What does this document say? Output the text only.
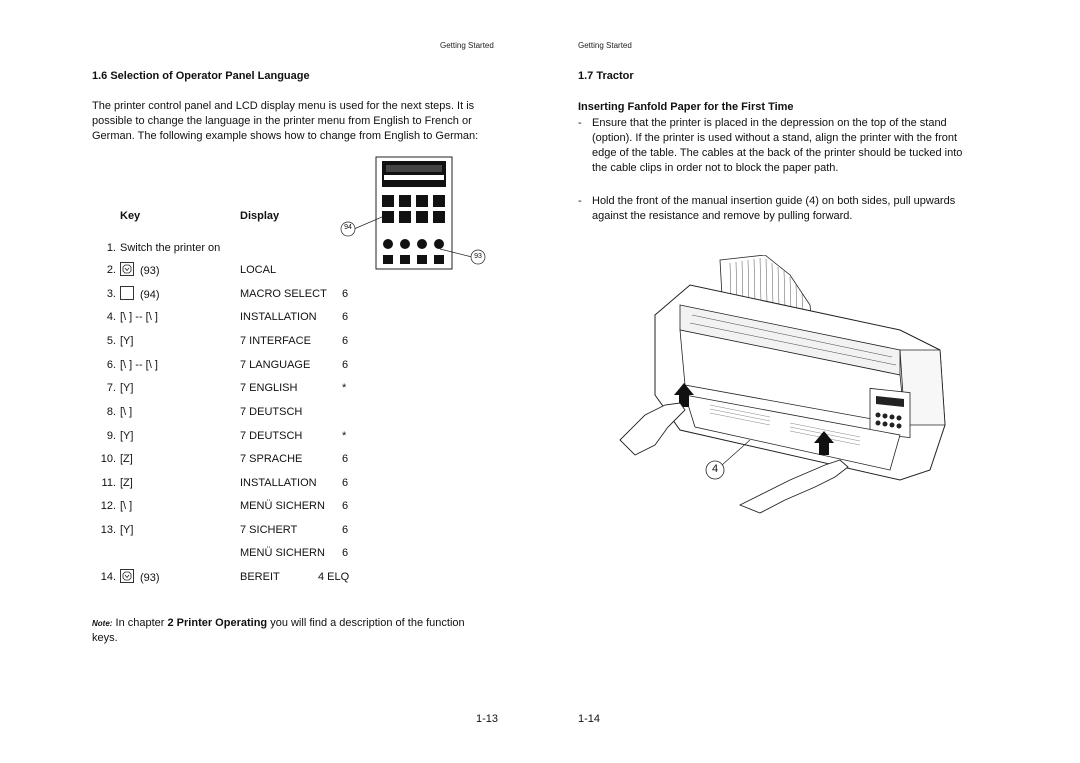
Getting Started	Getting Started
1.6 Selection of Operator Panel Language
The printer control panel and LCD display menu is used for the next steps. It is possible to change the language in the printer menu from English to French or German. The following example shows how to change from English to German:
94
93
Key	Display
1. Switch the printer on
2.	(93)	LOCAL
3.	(94)	MACRO SELECT 6
4. [\ ] -- [\ ]	INSTALLATION 6
5. [Y]	7 INTERFACE	6
6. [\ ] -- [\ ]	7 LANGUAGE	6
7. [Y]	7 ENGLISH	*
8. [\ ]	7 DEUTSCH
9. [Y]	7 DEUTSCH	*
10. [Z]	7 SPRACHE	6
11. [Z]	INSTALLATION 6
12. [\ ]	MENÜ SICHERN 6
13. [Y]	7 SICHERT	6
MENÜ SICHERN 6
14.	(93)	BEREIT	4 ELQ
Note: In chapter 2 Printer Operating you will find a description of the function keys.
1-13
1.7 Tractor
Inserting Fanfold Paper for the First Time
- Ensure that the printer is placed in the depression on the top of the stand (option). If the printer is used without a stand, align the printer with the front edge of the table. The cables at the back of the printer should be tucked into the cable clips in order not to block the paper path.
- Hold the front of the manual insertion guide (4) on both sides, pull upwards against the resistance and remove by pulling forward.
4
1-14
